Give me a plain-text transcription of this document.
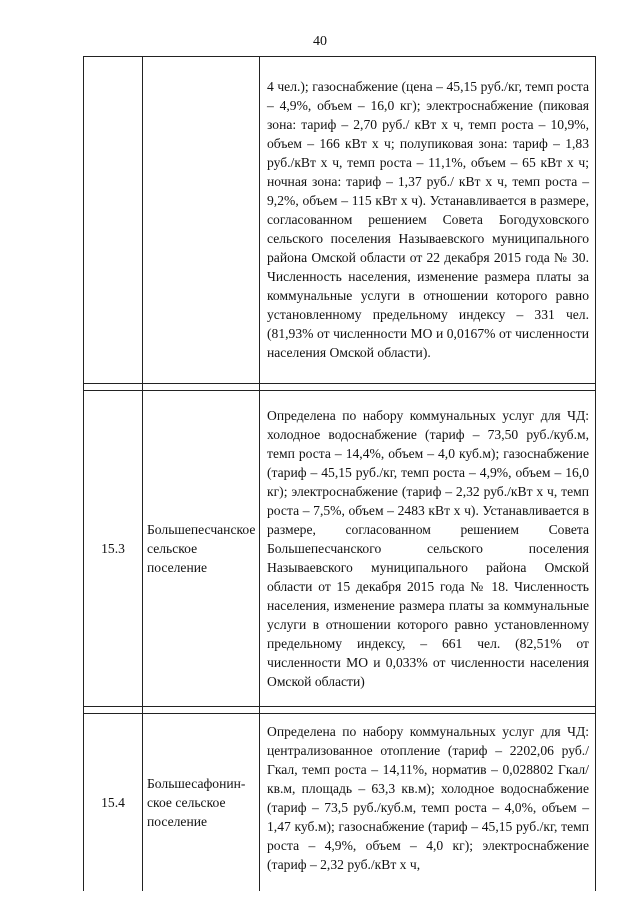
40
		4 чел.); газоснабжение (цена – 45,15 руб./кг, темп роста – 4,9%, объем – 16,0 кг); электроснабжение (пиковая зона: тариф – 2,70 руб./ кВт х ч, темп роста – 10,9%, объем – 166 кВт х ч; полупиковая зона: тариф – 1,83 руб./кВт х ч, темп роста – 11,1%, объем – 65 кВт х ч; ночная зона: тариф – 1,37 руб./ кВт х ч, темп роста – 9,2%, объем – 115 кВт х ч). Устанавливается в размере, согласованном решением Совета Богодуховского сельского поселения Называевского муниципального района Омской области от 22 декабря 2015 года № 30. Численность населения, изменение размера платы за коммунальные услуги в отношении которого равно установленному предельному индексу – 331 чел. (81,93% от численности МО и 0,0167% от численности населения Омской области).

15.3	Большепесчанское сельское поселение	Определена по набору коммунальных услуг для ЧД: холодное водоснабжение (тариф – 73,50 руб./куб.м, темп роста – 14,4%, объем – 4,0 куб.м); газоснабжение (тариф – 45,15 руб./кг, темп роста – 4,9%, объем – 16,0 кг); электроснабжение (тариф – 2,32 руб./кВт х ч, темп роста – 7,5%, объем – 2483 кВт х ч). Устанавливается в размере, согласованном решением Совета Большепесчанского сельского поселения Называевского муниципального района Омской области от 15 декабря 2015 года № 18. Численность населения, изменение размера платы за коммунальные услуги в отношении которого равно установленному предельному индексу, – 661 чел. (82,51% от численности МО и 0,033% от численности населения Омской области)

15.4	Большесафонин-ское сельское поселение	Определена по набору коммунальных услуг для ЧД: централизованное отопление (тариф – 2202,06 руб./Гкал, темп роста – 14,11%, норматив – 0,028802 Гкал/кв.м, площадь – 63,3 кв.м); холодное водоснабжение (тариф – 73,5 руб./куб.м, темп роста – 4,0%, объем – 1,47 куб.м); газоснабжение (тариф – 45,15 руб./кг, темп роста – 4,9%, объем – 4,0 кг); электроснабжение (тариф – 2,32 руб./кВт х ч,
